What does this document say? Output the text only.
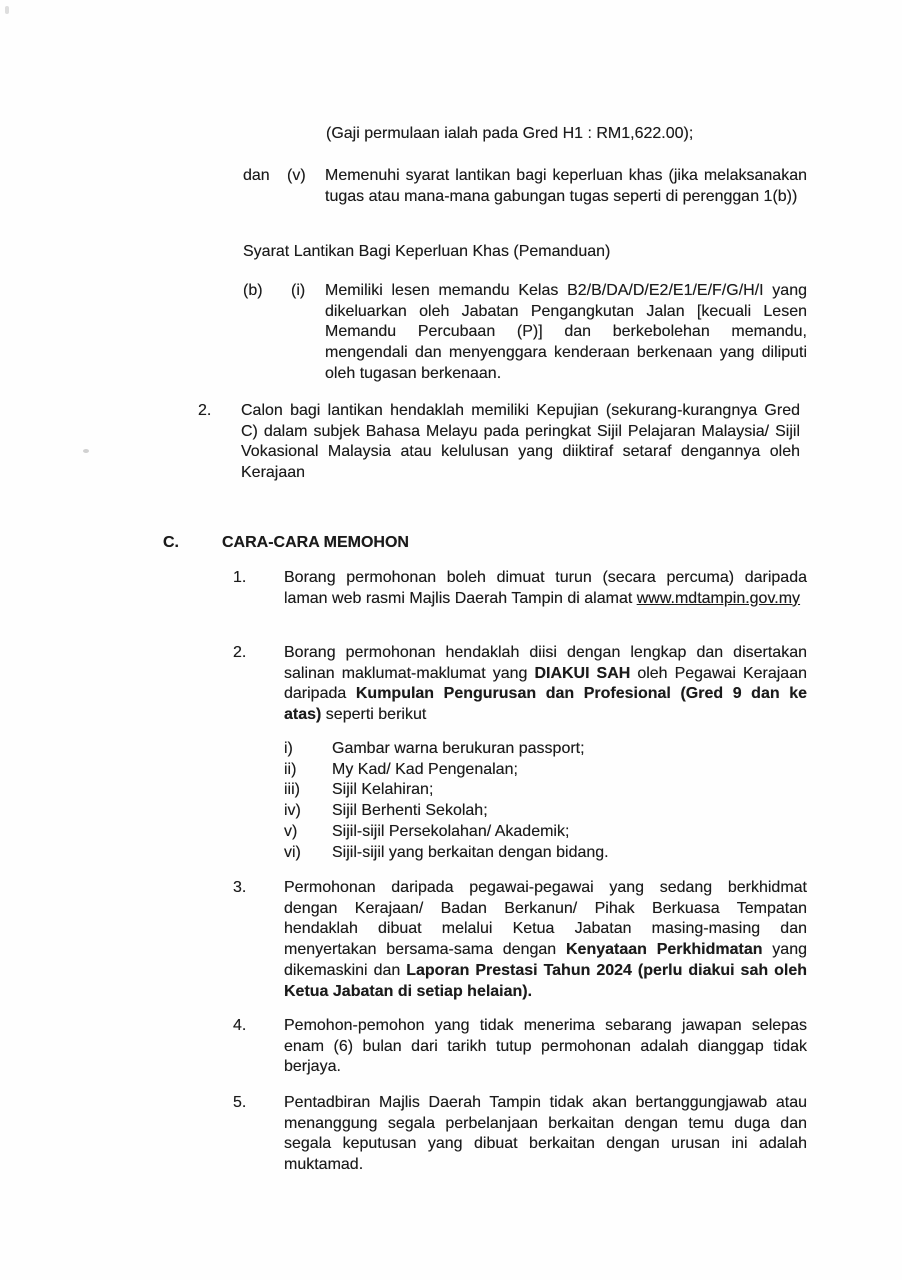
(Gaji permulaan ialah pada Gred H1 : RM1,622.00);
dan	(v)	Memenuhi syarat lantikan bagi keperluan khas (jika melaksanakan tugas atau mana-mana gabungan tugas seperti di perenggan 1(b))
Syarat Lantikan Bagi Keperluan Khas (Pemanduan)
(b)	(i)	Memiliki lesen memandu Kelas B2/B/DA/D/E2/E1/E/F/G/H/I yang dikeluarkan oleh Jabatan Pengangkutan Jalan [kecuali Lesen Memandu Percubaan (P)] dan berkebolehan memandu, mengendali dan menyenggara kenderaan berkenaan yang diliputi oleh tugasan berkenaan.
2.	Calon bagi lantikan hendaklah memiliki Kepujian (sekurang-kurangnya Gred C) dalam subjek Bahasa Melayu pada peringkat Sijil Pelajaran Malaysia/ Sijil Vokasional Malaysia atau kelulusan yang diiktiraf setaraf dengannya oleh Kerajaan
C.	CARA-CARA MEMOHON
1.	Borang permohonan boleh dimuat turun (secara percuma) daripada laman web rasmi Majlis Daerah Tampin di alamat www.mdtampin.gov.my
2.	Borang permohonan hendaklah diisi dengan lengkap dan disertakan salinan maklumat-maklumat yang DIAKUI SAH oleh Pegawai Kerajaan daripada Kumpulan Pengurusan dan Profesional (Gred 9 dan ke atas) seperti berikut
i)	Gambar warna berukuran passport;
ii)	My Kad/ Kad Pengenalan;
iii)	Sijil Kelahiran;
iv)	Sijil Berhenti Sekolah;
v)	Sijil-sijil Persekolahan/ Akademik;
vi)	Sijil-sijil yang berkaitan dengan bidang.
3.	Permohonan daripada pegawai-pegawai yang sedang berkhidmat dengan Kerajaan/ Badan Berkanun/ Pihak Berkuasa Tempatan hendaklah dibuat melalui Ketua Jabatan masing-masing dan menyertakan bersama-sama dengan Kenyataan Perkhidmatan yang dikemaskini dan Laporan Prestasi Tahun 2024 (perlu diakui sah oleh Ketua Jabatan di setiap helaian).
4.	Pemohon-pemohon yang tidak menerima sebarang jawapan selepas enam (6) bulan dari tarikh tutup permohonan adalah dianggap tidak berjaya.
5.	Pentadbiran Majlis Daerah Tampin tidak akan bertanggungjawab atau menanggung segala perbelanjaan berkaitan dengan temu duga dan segala keputusan yang dibuat berkaitan dengan urusan ini adalah muktamad.
